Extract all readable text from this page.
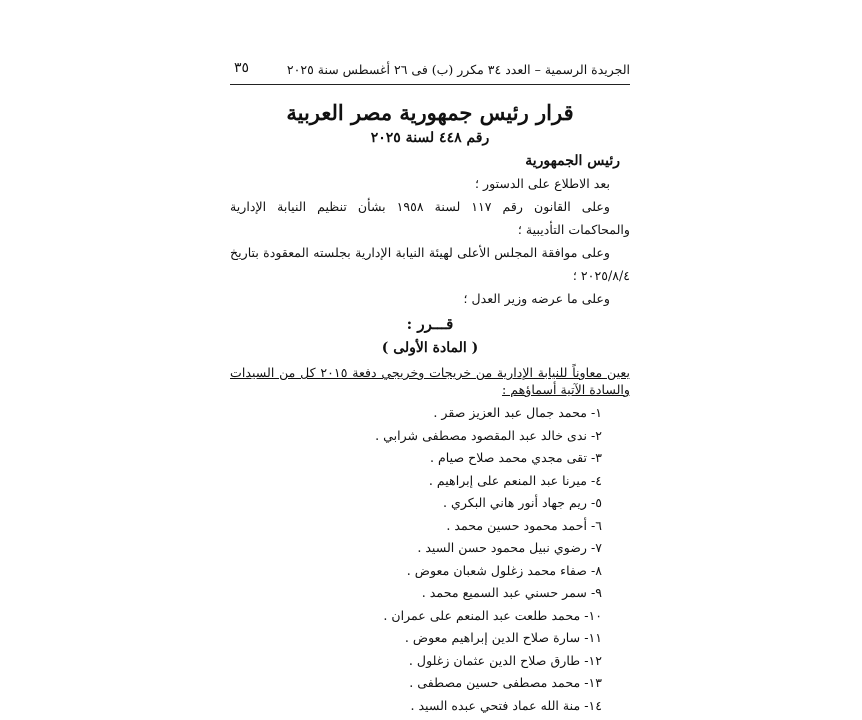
٣٥	الجريدة الرسمية – العدد ٣٤ مكرر (ب) فى ٢٦ أغسطس سنة ٢٠٢٥
قرار رئيس جمهورية مصر العربية
رقم ٤٤٨ لسنة ٢٠٢٥
رئيس الجمهورية
بعد الاطلاع على الدستور ؛
وعلى القانون رقم ١١٧ لسنة ١٩٥٨ بشأن تنظيم النيابة الإدارية والمحاكمات التأديبية ؛
وعلى موافقة المجلس الأعلى لهيئة النيابة الإدارية بجلسته المعقودة بتاريخ ٢٠٢٥/٨/٤ ؛
وعلى ما عرضه وزير العدل ؛
قـــرر :
( المادة الأولى )
يعين معاوناً للنيابة الإدارية من خريجات وخريجي دفعة ٢٠١٥ كل من السيدات والسادة الآتية أسماؤهم :
١- محمد جمال عبد العزيز صقر .
٢- ندى خالد عبد المقصود مصطفى شرابي .
٣- تقى مجدي محمد صلاح صيام .
٤- ميرنا عبد المنعم على إبراهيم .
٥- ريم جهاد أنور هاني البكري .
٦- أحمد محمود حسين محمد .
٧- رضوي نبيل محمود حسن السيد .
٨- صفاء محمد زغلول شعبان معوض .
٩- سمر حسني عبد السميع محمد .
١٠- محمد طلعت عبد المنعم على عمران .
١١- سارة صلاح الدين إبراهيم معوض .
١٢- طارق صلاح الدين عثمان زغلول .
١٣- محمد مصطفى حسين مصطفى .
١٤- منة الله عماد فتحي عبده السيد .
